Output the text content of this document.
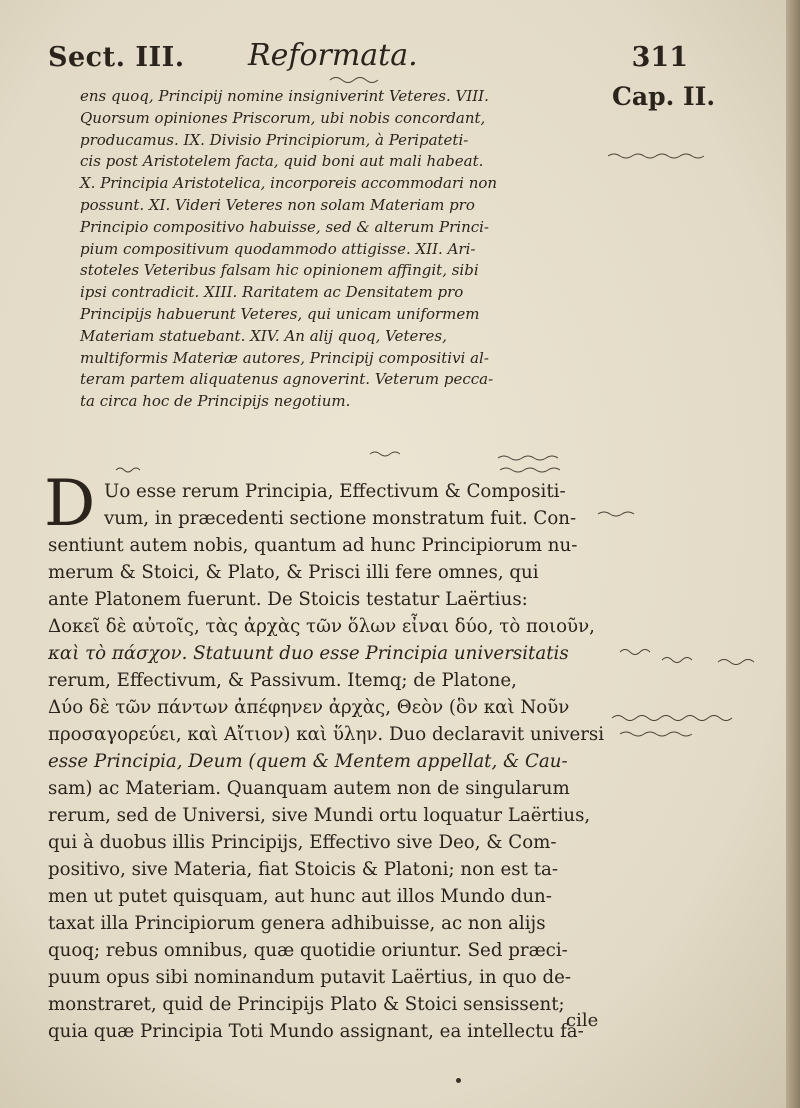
Sect. III. Reformata.	311
Cap. II.
ens quoq, Principij nomine insigniverint Veteres. VIII.
Quorsum opiniones Priscorum, ubi nobis concordant,
producamus. IX. Divisio Principiorum, à Peripateti-
cis post Aristotelem facta, quid boni aut mali habeat.
X. Principia Aristotelica, incorporeis accommodari non
possunt. XI. Videri Veteres non solam Materiam pro
Principio compositivo habuisse, sed & alterum Princi-
pium compositivum quodammodo attigisse. XII. Ari-
stoteles Veteribus falsam hic opinionem affingit, sibi
ipsi contradicit. XIII. Raritatem ac Densitatem pro
Principijs habuerunt Veteres, qui unicam uniformem
Materiam statuebant. XIV. An alij quoq, Veteres,
multiformis Materiæ autores, Principij compositivi al-
teram partem aliquatenus agnoverint. Veterum pecca-
ta circa hoc de Principijs negotium.
D Uo esse rerum Principia, Effectivum & Compositi-
vum, in præcedenti sectione monstratum fuit. Con-
sentiunt autem nobis, quantum ad hunc Principiorum nu-
merum & Stoici, & Plato, & Prisci illi fere omnes, qui
ante Platonem fuerunt. De Stoicis testatur Laërtius:
Δοκεῖ δὲ αὐτοῖς, τὰς ἀρχὰς τῶν ὅλων εἶναι δύο, τὸ ποιοῦν,
καὶ τὸ πάσχον. Statuunt duo esse Principia universitatis
rerum, Effectivum, & Passivum. Itemq; de Platone,
Δύο δὲ τῶν πάντων ἀπέφηνεν ἀρχὰς, Θεὸν (ὃν καὶ Νοῦν
προσαγορεύει, καὶ Αἴτιον) καὶ ὕλην. Duo declaravit universi
esse Principia, Deum (quem & Mentem appellat, & Cau-
sam) ac Materiam. Quanquam autem non de singularum
rerum, sed de Universi, sive Mundi ortu loquatur Laërtius,
qui à duobus illis Principijs, Effectivo sive Deo, & Com-
positivo, sive Materia, fiat Stoicis & Platoni; non est ta-
men ut putet quisquam, aut hunc aut illos Mundo dun-
taxat illa Principiorum genera adhibuisse, ac non alijs
quoq; rebus omnibus, quæ quotidie oriuntur. Sed præci-
puum opus sibi nominandum putavit Laërtius, in quo de-
monstraret, quid de Principijs Plato & Stoici sensissent;
quia quæ Principia Toti Mundo assignant, ea intellectu fa-
cile
